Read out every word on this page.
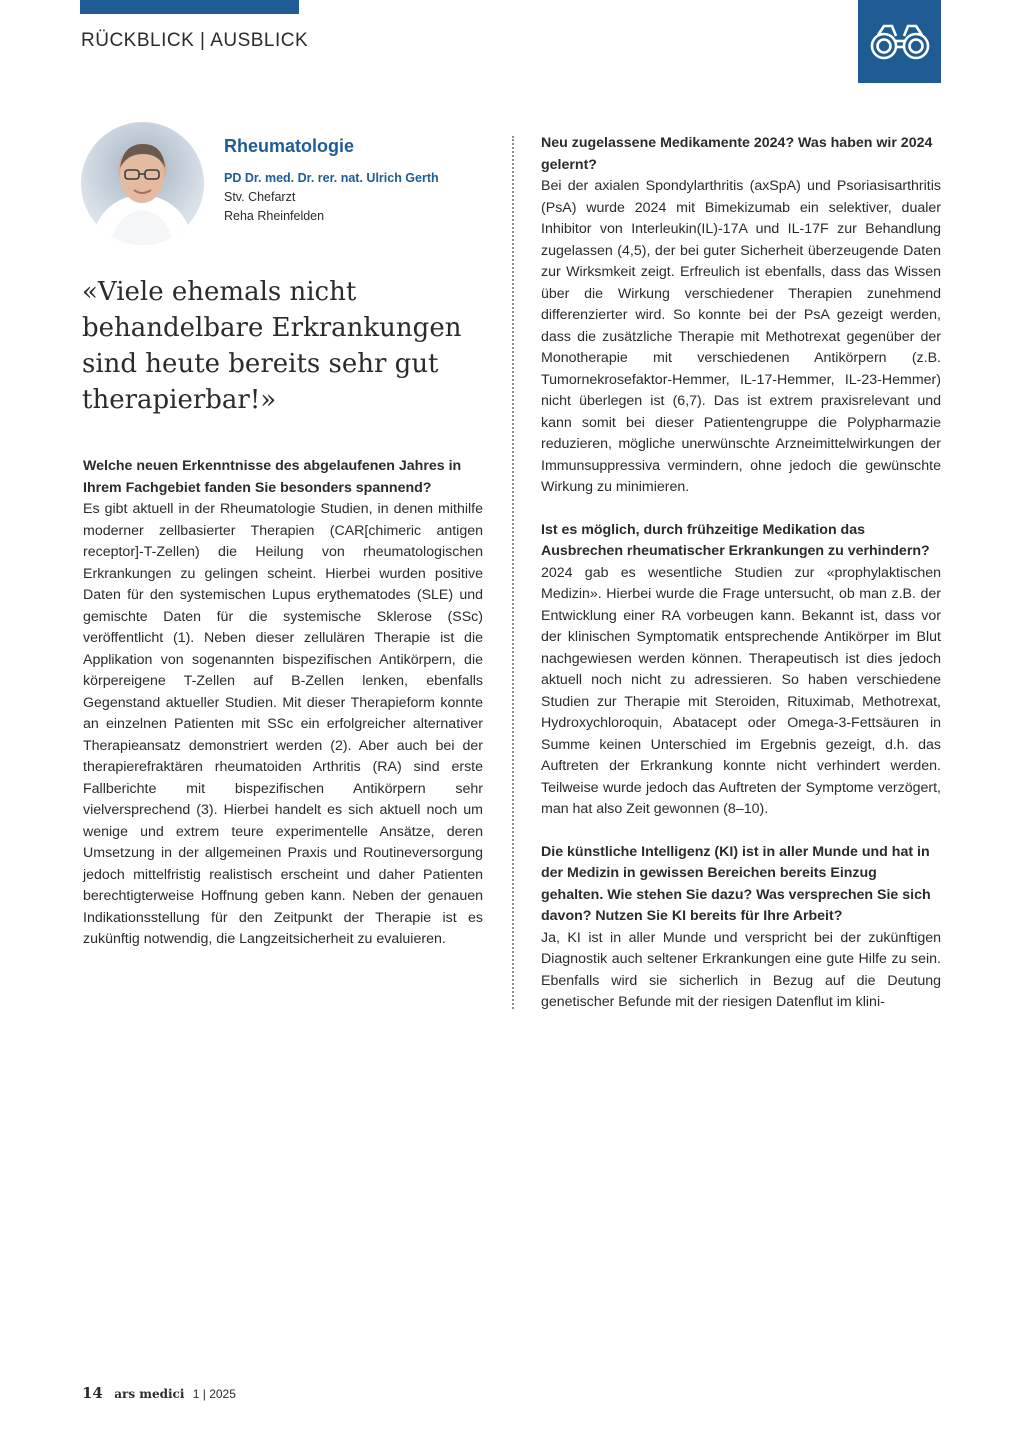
RÜCKBLICK | AUSBLICK
Rheumatologie
PD Dr. med. Dr. rer. nat. Ulrich Gerth
Stv. Chefarzt
Reha Rheinfelden

«Viele ehemals nicht behandelbare Erkrankungen sind heute bereits sehr gut therapierbar!»

Welche neuen Erkenntnisse des abgelaufenen Jahres in Ihrem Fachgebiet fanden Sie besonders spannend?

Es gibt aktuell in der Rheumatologie Studien, in denen mithilfe moderner zellbasierter Therapien (CAR[chimeric antigen receptor]-T-Zellen) die Heilung von rheumatologischen Erkrankungen zu gelingen scheint. Hierbei wurden positive Daten für den systemischen Lupus erythematodes (SLE) und gemischte Daten für die systemische Sklerose (SSc) veröffentlicht (1). Neben dieser zellulären Therapie ist die Applikation von sogenannten bispezifischen Antikörpern, die körpereigene T-Zellen auf B-Zellen lenken, ebenfalls Gegenstand aktueller Studien. Mit dieser Therapieform konnte an einzelnen Patienten mit SSc ein erfolgreicher alternativer Therapieansatz demonstriert werden (2). Aber auch bei der therapierefraktären rheumatoiden Arthritis (RA) sind erste Fallberichte mit bispezifischen Antikörpern sehr vielversprechend (3). Hierbei handelt es sich aktuell noch um wenige und extrem teure experimentelle Ansätze, deren Umsetzung in der allgemeinen Praxis und Routineversorgung jedoch mittelfristig realistisch erscheint und daher Patienten berechtigterweise Hoffnung geben kann. Neben der genauen Indikationsstellung für den Zeitpunkt der Therapie ist es zukünftig notwendig, die Langzeitsicherheit zu evaluieren.

Neu zugelassene Medikamente 2024? Was haben wir 2024 gelernt?

Bei der axialen Spondylarthritis (axSpA) und Psoriasisarthritis (PsA) wurde 2024 mit Bimekizumab ein selektiver, dualer Inhibitor von Interleukin(IL)-17A und IL-17F zur Behandlung zugelassen (4,5), der bei guter Sicherheit überzeugende Daten zur Wirksmkeit zeigt. Erfreulich ist ebenfalls, dass das Wissen über die Wirkung verschiedener Therapien zunehmend differenzierter wird. So konnte bei der PsA gezeigt werden, dass die zusätzliche Therapie mit Methotrexat gegenüber der Monotherapie mit verschiedenen Antikörpern (z.B. Tumornekrosefaktor-Hemmer, IL-17-Hemmer, IL-23-Hemmer) nicht überlegen ist (6,7). Das ist extrem praxisrelevant und kann somit bei dieser Patientengruppe die Polypharmazie reduzieren, mögliche unerwünschte Arzneimittelwirkungen der Immunsuppressiva vermindern, ohne jedoch die gewünschte Wirkung zu minimieren.

Ist es möglich, durch frühzeitige Medikation das Ausbrechen rheumatischer Erkrankungen zu verhindern?

2024 gab es wesentliche Studien zur «prophylaktischen Medizin». Hierbei wurde die Frage untersucht, ob man z.B. der Entwicklung einer RA vorbeugen kann. Bekannt ist, dass vor der klinischen Symptomatik entsprechende Antikörper im Blut nachgewiesen werden können. Therapeutisch ist dies jedoch aktuell noch nicht zu adressieren. So haben verschiedene Studien zur Therapie mit Steroiden, Rituximab, Methotrexat, Hydroxychloroquin, Abatacept oder Omega-3-Fettsäuren in Summe keinen Unterschied im Ergebnis gezeigt, d.h. das Auftreten der Erkrankung konnte nicht verhindert werden. Teilweise wurde jedoch das Auftreten der Symptome verzögert, man hat also Zeit gewonnen (8–10).

Die künstliche Intelligenz (KI) ist in aller Munde und hat in der Medizin in gewissen Bereichen bereits Einzug gehalten. Wie stehen Sie dazu? Was versprechen Sie sich davon? Nutzen Sie KI bereits für Ihre Arbeit?

Ja, KI ist in aller Munde und verspricht bei der zukünftigen Diagnostik auch seltener Erkrankungen eine gute Hilfe zu sein. Ebenfalls wird sie sicherlich in Bezug auf die Deutung genetischer Befunde mit der riesigen Datenflut im klini-

14 ars medici 1 | 2025
